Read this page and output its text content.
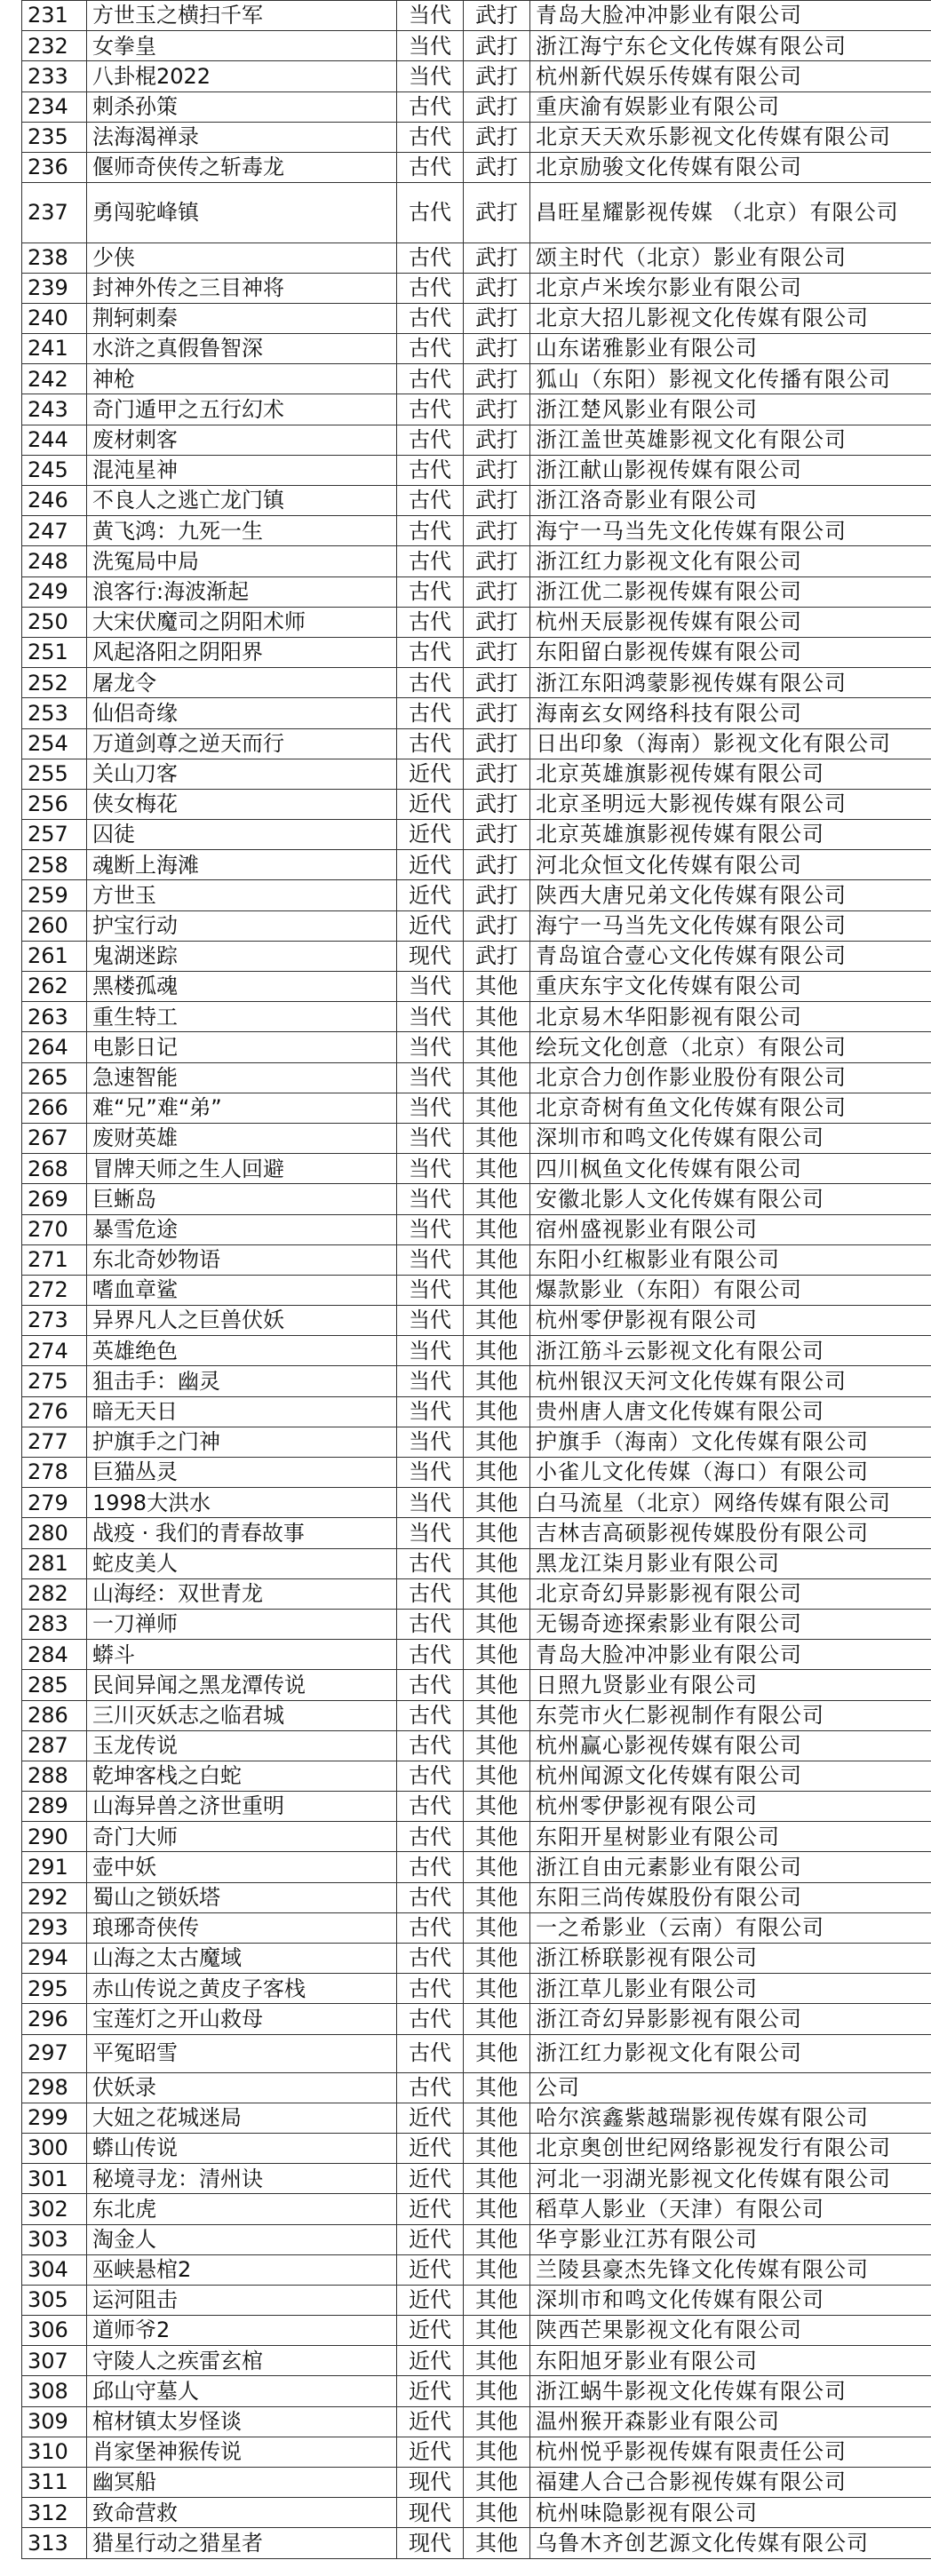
231	方世玉之横扫千军	当代	武打	青岛大脸冲冲影业有限公司
232	女拳皇	当代	武打	浙江海宁东仑文化传媒有限公司
233	八卦棍2022	当代	武打	杭州新代娱乐传媒有限公司
234	刺杀孙策	古代	武打	重庆渝有娱影业有限公司
235	法海渴禅录	古代	武打	北京天天欢乐影视文化传媒有限公司
236	偃师奇侠传之斩毒龙	古代	武打	北京励骏文化传媒有限公司
237	勇闯驼峰镇	古代	武打	昌旺星耀影视传媒 （北京）有限公司
238	少侠	古代	武打	颂主时代（北京）影业有限公司
239	封神外传之三目神将	古代	武打	北京卢米埃尔影业有限公司
240	荆轲刺秦	古代	武打	北京大招儿影视文化传媒有限公司
241	水浒之真假鲁智深	古代	武打	山东诺雅影业有限公司
242	神枪	古代	武打	狐山（东阳）影视文化传播有限公司
243	奇门遁甲之五行幻术	古代	武打	浙江楚风影业有限公司
244	废材刺客	古代	武打	浙江盖世英雄影视文化有限公司
245	混沌星神	古代	武打	浙江献山影视传媒有限公司
246	不良人之逃亡龙门镇	古代	武打	浙江洛奇影业有限公司
247	黄飞鸿：九死一生	古代	武打	海宁一马当先文化传媒有限公司
248	洗冤局中局	古代	武打	浙江红力影视文化有限公司
249	浪客行:海波渐起	古代	武打	浙江优二影视传媒有限公司
250	大宋伏魔司之阴阳术师	古代	武打	杭州天辰影视传媒有限公司
251	风起洛阳之阴阳界	古代	武打	东阳留白影视传媒有限公司
252	屠龙令	古代	武打	浙江东阳鸿蒙影视传媒有限公司
253	仙侣奇缘	古代	武打	海南玄女网络科技有限公司
254	万道剑尊之逆天而行	古代	武打	日出印象（海南）影视文化有限公司
255	关山刀客	近代	武打	北京英雄旗影视传媒有限公司
256	侠女梅花	近代	武打	北京圣明远大影视传媒有限公司
257	囚徒	近代	武打	北京英雄旗影视传媒有限公司
258	魂断上海滩	近代	武打	河北众恒文化传媒有限公司
259	方世玉	近代	武打	陕西大唐兄弟文化传媒有限公司
260	护宝行动	近代	武打	海宁一马当先文化传媒有限公司
261	鬼湖迷踪	现代	武打	青岛谊合壹心文化传媒有限公司
262	黑楼孤魂	当代	其他	重庆东宇文化传媒有限公司
263	重生特工	当代	其他	北京易木华阳影视有限公司
264	电影日记	当代	其他	绘玩文化创意（北京）有限公司
265	急速智能	当代	其他	北京合力创作影业股份有限公司
266	难“兄”难“弟”	当代	其他	北京奇树有鱼文化传媒有限公司
267	废财英雄	当代	其他	深圳市和鸣文化传媒有限公司
268	冒牌天师之生人回避	当代	其他	四川枫鱼文化传媒有限公司
269	巨蜥岛	当代	其他	安徽北影人文化传媒有限公司
270	暴雪危途	当代	其他	宿州盛视影业有限公司
271	东北奇妙物语	当代	其他	东阳小红椒影业有限公司
272	嗜血章鲨	当代	其他	爆款影业（东阳）有限公司
273	异界凡人之巨兽伏妖	当代	其他	杭州零伊影视有限公司
274	英雄绝色	当代	其他	浙江筋斗云影视文化有限公司
275	狙击手：幽灵	当代	其他	杭州银汉天河文化传媒有限公司
276	暗无天日	当代	其他	贵州唐人唐文化传媒有限公司
277	护旗手之门神	当代	其他	护旗手（海南）文化传媒有限公司
278	巨猫丛灵	当代	其他	小雀儿文化传媒（海口）有限公司
279	1998大洪水	当代	其他	白马流星（北京）网络传媒有限公司
280	战疫 · 我们的青春故事	当代	其他	吉林吉高硕影视传媒股份有限公司
281	蛇皮美人	古代	其他	黑龙江柒月影业有限公司
282	山海经：双世青龙	古代	其他	北京奇幻异影影视有限公司
283	一刀禅师	古代	其他	无锡奇迹探索影业有限公司
284	蟒斗	古代	其他	青岛大脸冲冲影业有限公司
285	民间异闻之黑龙潭传说	古代	其他	日照九贤影业有限公司
286	三川灭妖志之临君城	古代	其他	东莞市火仁影视制作有限公司
287	玉龙传说	古代	其他	杭州赢心影视传媒有限公司
288	乾坤客栈之白蛇	古代	其他	杭州闻源文化传媒有限公司
289	山海异兽之济世重明	古代	其他	杭州零伊影视有限公司
290	奇门大师	古代	其他	东阳开星树影业有限公司
291	壶中妖	古代	其他	浙江自由元素影业有限公司
292	蜀山之锁妖塔	古代	其他	东阳三尚传媒股份有限公司
293	琅琊奇侠传	古代	其他	一之希影业（云南）有限公司
294	山海之太古魔域	古代	其他	浙江桥联影视有限公司
295	赤山传说之黄皮子客栈	古代	其他	浙江草儿影业有限公司
296	宝莲灯之开山救母	古代	其他	浙江奇幻异影影视有限公司
297	平冤昭雪	古代	其他	浙江红力影视文化有限公司
298	伏妖录	古代	其他	公司
299	大妞之花城迷局	近代	其他	哈尔滨鑫紫越瑞影视传媒有限公司
300	蟒山传说	近代	其他	北京奥创世纪网络影视发行有限公司
301	秘境寻龙：清州诀	近代	其他	河北一羽湖光影视文化传媒有限公司
302	东北虎	近代	其他	稻草人影业（天津）有限公司
303	淘金人	近代	其他	华亨影业江苏有限公司
304	巫峡悬棺2	近代	其他	兰陵县豪杰先锋文化传媒有限公司
305	运河阻击	近代	其他	深圳市和鸣文化传媒有限公司
306	道师爷2	近代	其他	陕西芒果影视文化有限公司
307	守陵人之疾雷玄棺	近代	其他	东阳旭牙影业有限公司
308	邱山守墓人	近代	其他	浙江蜗牛影视文化传媒有限公司
309	棺材镇太岁怪谈	近代	其他	温州猴开森影业有限公司
310	肖家堡神猴传说	近代	其他	杭州悦乎影视传媒有限责任公司
311	幽冥船	现代	其他	福建人合己合影视传媒有限公司
312	致命营救	现代	其他	杭州味隐影视有限公司
313	猎星行动之猎星者	现代	其他	乌鲁木齐创艺源文化传媒有限公司
